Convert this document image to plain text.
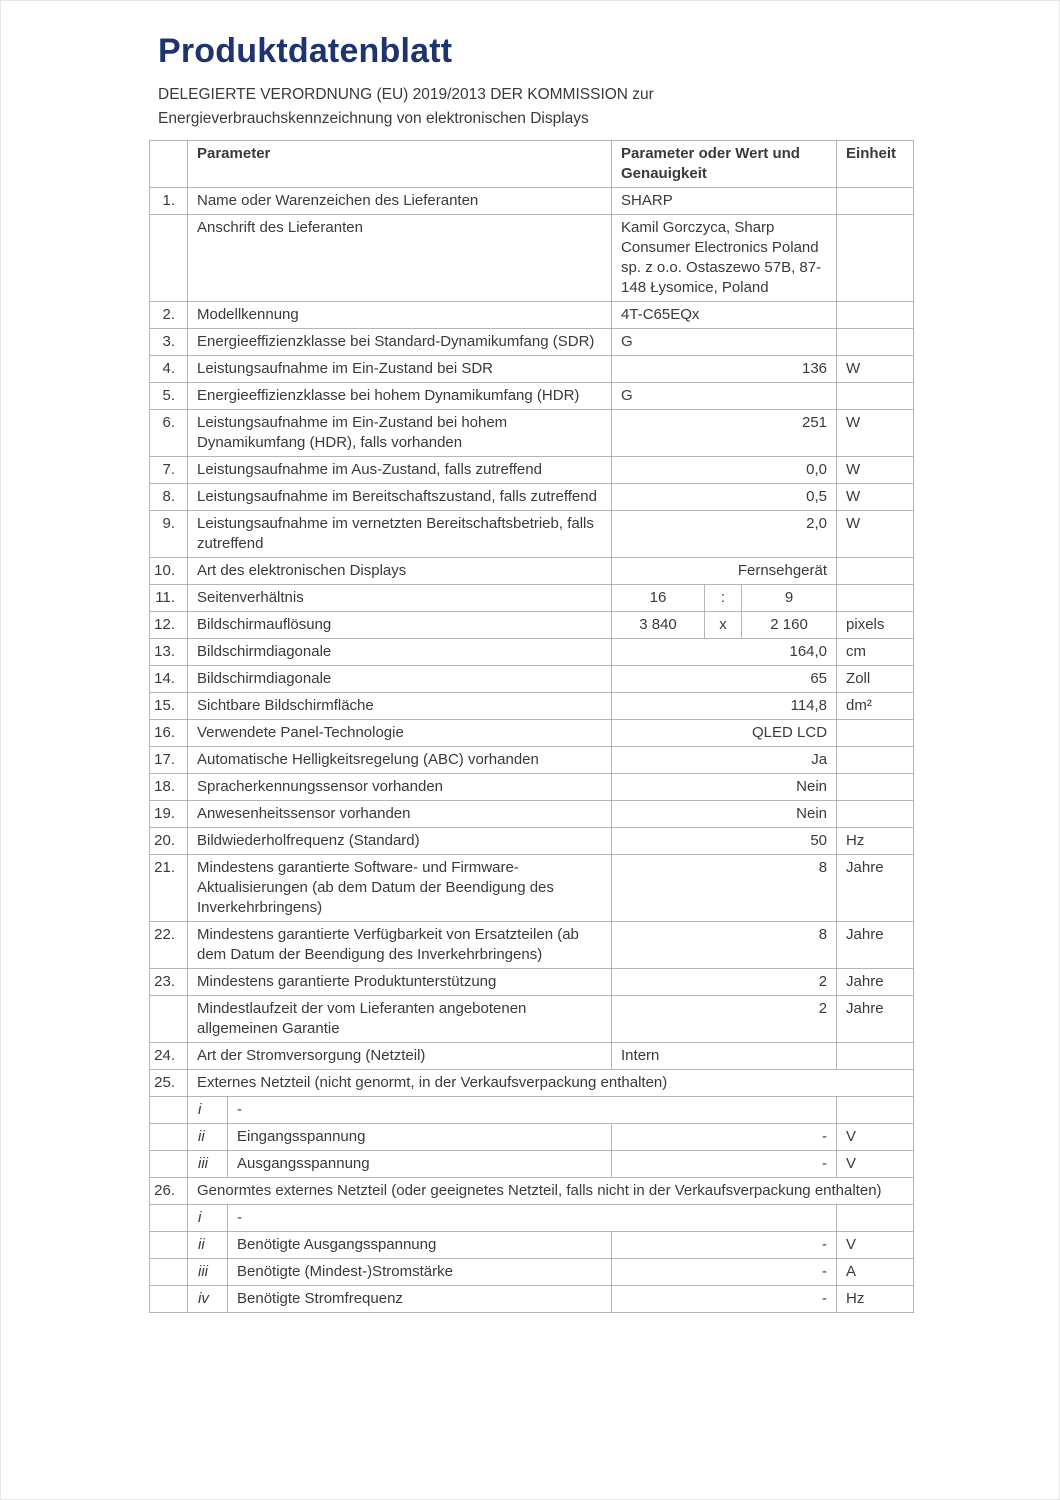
Produktdatenblatt

DELEGIERTE VERORDNUNG (EU) 2019/2013 DER KOMMISSION zur
Energieverbrauchskennzeichnung von elektronischen Displays

	Parameter		Parameter oder Wert und Genauigkeit			Einheit
1.	Name oder Warenzeichen des Lieferanten		SHARP			
	Anschrift des Lieferanten		Kamil Gorczyca, Sharp Consumer Electronics Poland sp. z o.o. Ostaszewo 57B, 87-148 Łysomice, Poland			
2.	Modellkennung		4T-C65EQx			
3.	Energieeffizienzklasse bei Standard-Dynamikumfang (SDR)		G			
4.	Leistungsaufnahme im Ein-Zustand bei SDR		136			W
5.	Energieeffizienzklasse bei hohem Dynamikumfang (HDR)		G			
6.	Leistungsaufnahme im Ein-Zustand bei hohem Dynamikumfang (HDR), falls vorhanden		251			W
7.	Leistungsaufnahme im Aus-Zustand, falls zutreffend		0,0			W
8.	Leistungsaufnahme im Bereitschaftszustand, falls zutreffend		0,5			W
9.	Leistungsaufnahme im vernetzten Bereitschaftsbetrieb, falls zutreffend		2,0			W
10.	Art des elektronischen Displays		Fernsehgerät			
11.	Seitenverhältnis		16	:	9	
12.	Bildschirmauflösung		3 840	x	2 160	pixels
13.	Bildschirmdiagonale		164,0			cm
14.	Bildschirmdiagonale		65			Zoll
15.	Sichtbare Bildschirmfläche		114,8			dm²
16.	Verwendete Panel-Technologie		QLED LCD			
17.	Automatische Helligkeitsregelung (ABC) vorhanden		Ja			
18.	Spracherkennungssensor vorhanden		Nein			
19.	Anwesenheitssensor vorhanden		Nein			
20.	Bildwiederholfrequenz (Standard)		50			Hz
21.	Mindestens garantierte Software- und Firmware-Aktualisierungen (ab dem Datum der Beendigung des Inverkehrbringens)		8			Jahre
22.	Mindestens garantierte Verfügbarkeit von Ersatzteilen (ab dem Datum der Beendigung des Inverkehrbringens)		8			Jahre
23.	Mindestens garantierte Produktunterstützung		2			Jahre
	Mindestlaufzeit der vom Lieferanten angebotenen allgemeinen Garantie		2			Jahre
24.	Art der Stromversorgung (Netzteil)		Intern			
25.	Externes Netzteil (nicht genormt, in der Verkaufsverpackung enthalten)					
	i	-				
	ii	Eingangsspannung	-			V
	iii	Ausgangsspannung	-			V
26.	Genormtes externes Netzteil (oder geeignetes Netzteil, falls nicht in der Verkaufsverpackung enthalten)					
	i	-				
	ii	Benötigte Ausgangsspannung	-			V
	iii	Benötigte (Mindest-)Stromstärke	-			A
	iv	Benötigte Stromfrequenz	-			Hz
